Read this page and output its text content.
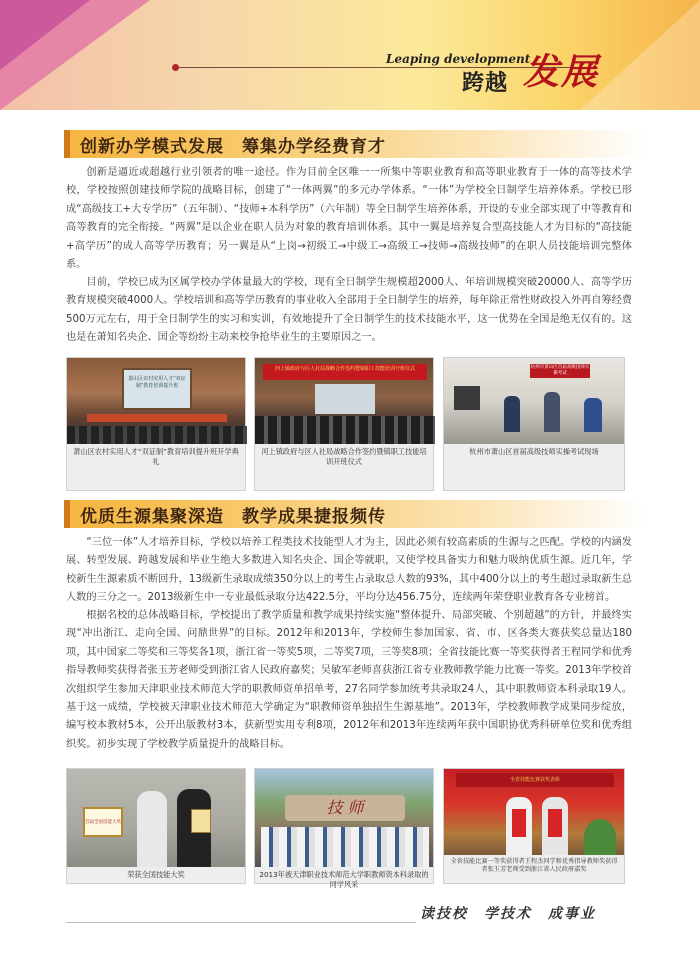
Leaping development
跨越 发展
创新办学模式发展　筹集办学经费育才
创新是逼近或超越行业引领者的唯一途径。作为目前全区唯一一所集中等职业教育和高等职业教育于一体的高等技术学校，学校按照创建技师学院的战略目标，创建了“一体两翼”的多元办学体系。“一体”为学校全日制学生培养体系。学校已形成“高级技工+大专学历”（五年制）、“技师+本科学历”（六年制）等全日制学生培养体系，开设的专业全部实现了中等教育和高等教育的完全衔接。“两翼”是以企业在职人员为对象的教育培训体系。其中一翼是培养复合型高技能人才为目标的“高技能+高学历”的成人高等学历教育；另一翼是从“上岗→初级工→中级工→高级工→技师→高级技师”的在职人员技能培训完整体系。
目前，学校已成为区属学校办学体量最大的学校，现有全日制学生规模超2000人、年培训规模突破20000人、高等学历教育规模突破4000人。学校培训和高等学历教育的事业收入全部用于全日制学生的培养，每年除正常性财政投入外再自筹经费500万元左右，用于全日制学生的实习和实训，有效地提升了全日制学生的技术技能水平，这一优势在全国是绝无仅有的。这也是在萧知名央企、国企等纷纷主动来校争抢毕业生的主要原因之一。
萧山区农村实用人才“双证制”教育培训提升班
萧山区农村实用人才“双证制”教育培训提升班开学典礼
河上镇政府与区人社局战略合作签约暨镇职工技能培训开班仪式
河上镇政府与区人社局战略合作签约暨镇职工技能培训开班仪式
杭州市萧山区首届高级技师实操考试
杭州市萧山区首届高级技师实操考试现场
优质生源集聚深造　教学成果捷报频传
“三位一体”人才培养目标，学校以培养工程类技术技能型人才为主，因此必须有较高素质的生源与之匹配。学校的内涵发展、转型发展、跨越发展和毕业生绝大多数进入知名央企、国企等就职，又使学校具备实力和魅力吸纳优质生源。近几年，学校新生生源素质不断回升，13级新生录取成绩350分以上的考生占录取总人数的93%，其中400分以上的考生超过录取新生总人数的三分之一。2013级新生中一专业最低录取分达422.5分，平均分达456.75分，连续两年荣登职业教育各专业榜首。
根据名校的总体战略目标，学校提出了教学质量和教学成果持续实施“整体提升、局部突破、个别超越”的方针，并最终实现“冲出浙江、走向全国、问鼎世界”的目标。2012年和2013年，学校师生参加国家、省、市、区各类大赛获奖总量达180项，其中国家二等奖和三等奖各1项，浙江省一等奖5项，二等奖7项，三等奖8项；全省技能比赛一等奖获得者王程同学和优秀指导教师奖获得者张玉芳老师受到浙江省人民政府嘉奖；吴敏军老师喜获浙江省专业教师教学能力比赛一等奖。2013年学校首次组织学生参加天津职业技术师范大学的职教师资单招单考，27名同学参加统考共录取24人，其中职教师资本科录取19人。基于这一成绩，学校被天津职业技术师范大学确定为“职教师资单独招生生源基地”。2013年，学校教师教学成果同步绽放，编写校本教材5本，公开出版教材3本，获新型实用专利8项，2012年和2013年连续两年获中国职协优秀科研单位奖和优秀组织奖。初步实现了学校教学质量提升的战略目标。
首届全国技能大奖
荣获全国技能大奖
技 师
2013年被天津职业技术师范大学职教师资本科录取的同学风采
全省技能比赛获奖表彰
全省技能比赛一等奖获得者王程杰同学和优秀指导教师奖获得者张玉芳老师受到浙江省人民政府嘉奖
读技校　学技术　成事业
